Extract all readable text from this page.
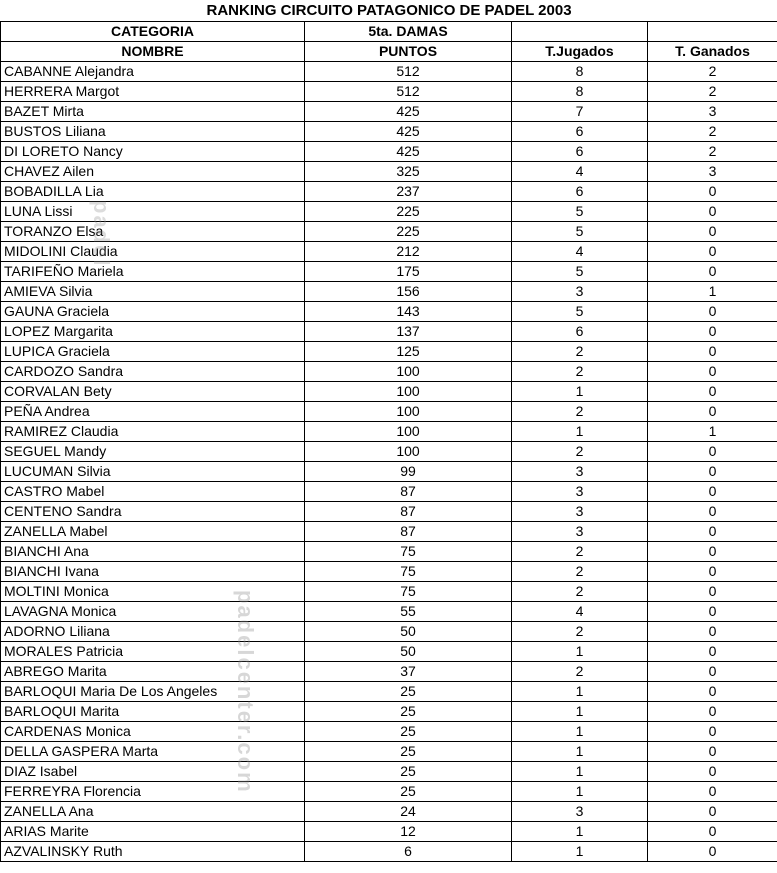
RANKING CIRCUITO PATAGONICO DE PADEL 2003			
CATEGORIA	5ta. DAMAS		
NOMBRE	PUNTOS	T.Jugados	T. Ganados
CABANNE Alejandra	512	8	2
HERRERA Margot	512	8	2
BAZET Mirta	425	7	3
BUSTOS Liliana	425	6	2
DI LORETO Nancy	425	6	2
CHAVEZ Ailen	325	4	3
BOBADILLA Lia	237	6	0
LUNA Lissi	225	5	0
TORANZO Elsa	225	5	0
MIDOLINI Claudia	212	4	0
TARIFEÑO Mariela	175	5	0
AMIEVA Silvia	156	3	1
GAUNA Graciela	143	5	0
LOPEZ Margarita	137	6	0
LUPICA Graciela	125	2	0
CARDOZO Sandra	100	2	0
CORVALAN Bety	100	1	0
PEÑA Andrea	100	2	0
RAMIREZ Claudia	100	1	1
SEGUEL Mandy	100	2	0
LUCUMAN Silvia	99	3	0
CASTRO Mabel	87	3	0
CENTENO Sandra	87	3	0
ZANELLA Mabel	87	3	0
BIANCHI Ana	75	2	0
BIANCHI Ivana	75	2	0
MOLTINI Monica	75	2	0
LAVAGNA Monica	55	4	0
ADORNO Liliana	50	2	0
MORALES Patricia	50	1	0
ABREGO Marita	37	2	0
BARLOQUI Maria De Los Angeles	25	1	0
BARLOQUI Marita	25	1	0
CARDENAS Monica	25	1	0
DELLA GASPERA Marta	25	1	0
DIAZ Isabel	25	1	0
FERREYRA Florencia	25	1	0
ZANELLA Ana	24	3	0
ARIAS Marite	12	1	0
AZVALINSKY Ruth	6	1	0
padel
padelcenter.com
